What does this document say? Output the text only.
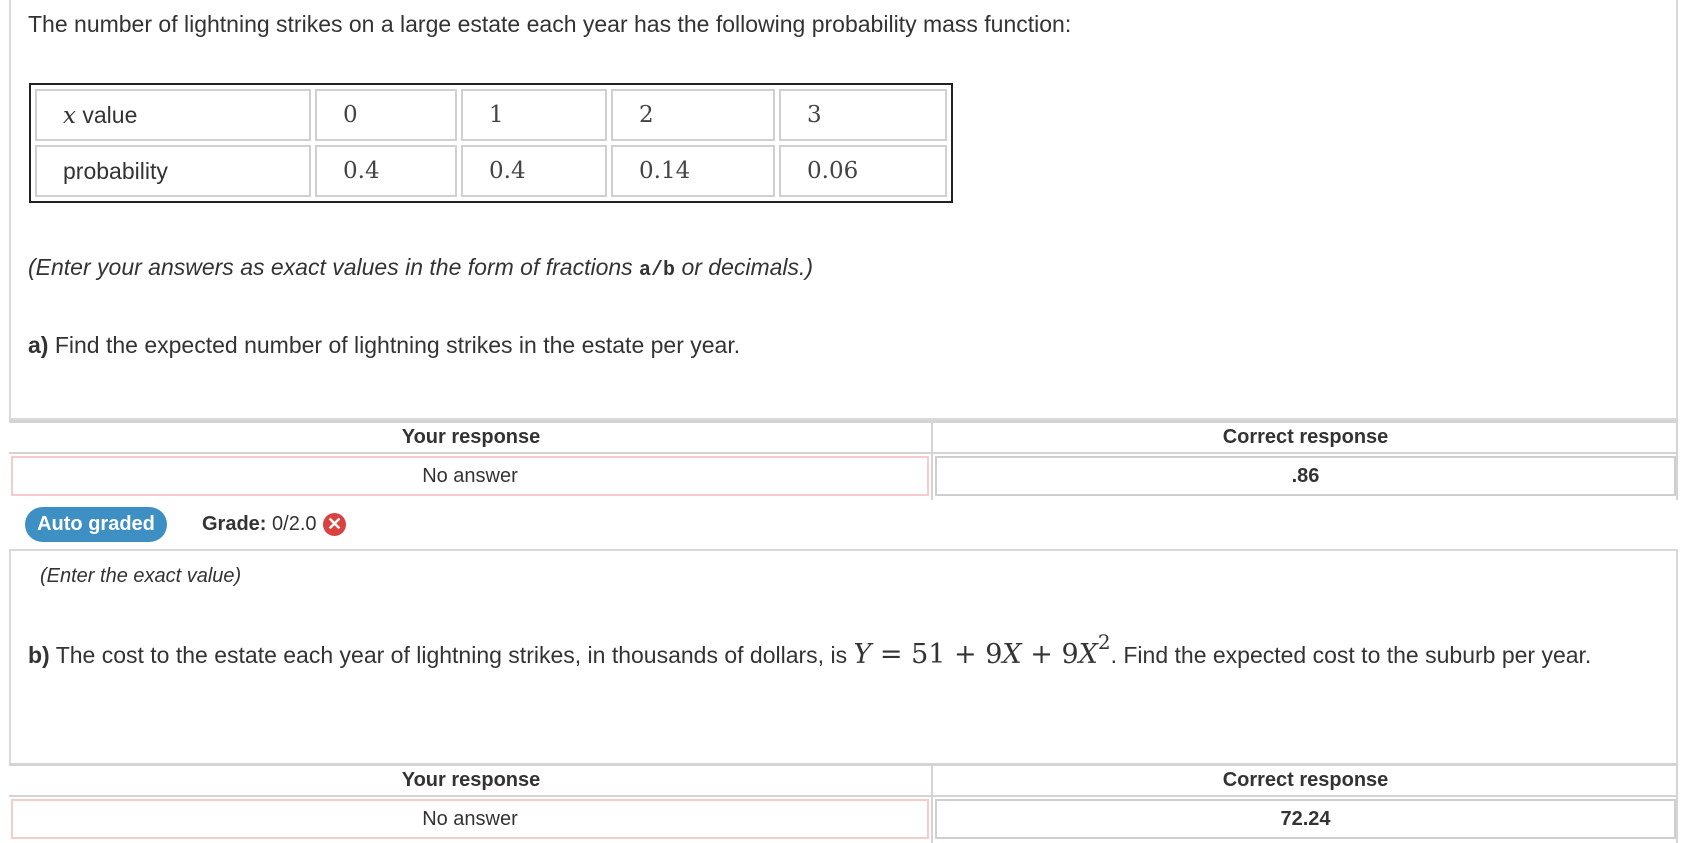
The number of lightning strikes on a large estate each year has the following probability mass function:
x value	0	1	2	3
probability	0.4	0.4	0.14	0.06
(Enter your answers as exact values in the form of fractions a/b or decimals.)
a) Find the expected number of lightning strikes in the estate per year.
Your response	Correct response
No answer	.86
Auto graded	Grade: 0/2.0 ✕
(Enter the exact value)
b) The cost to the estate each year of lightning strikes, in thousands of dollars, is $Y = 51 + 9X + 9X^2$. Find the expected cost to the suburb per year.
Your response	Correct response
No answer	72.24
